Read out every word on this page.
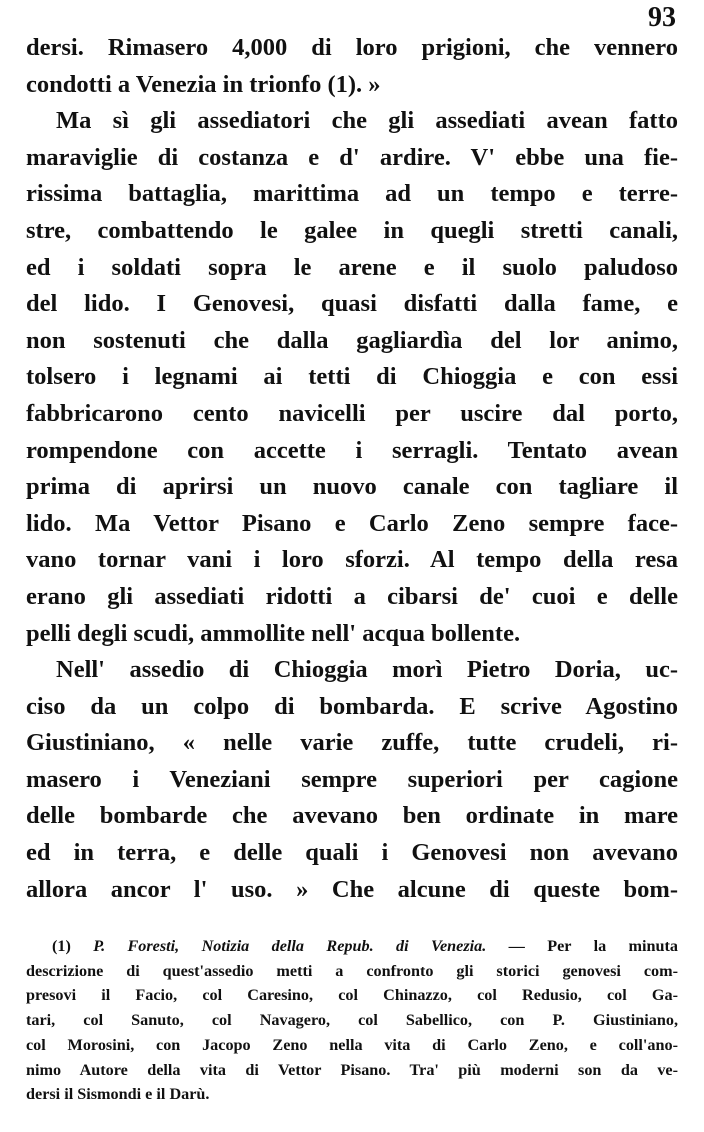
93
dersi. Rimasero 4,000 di loro prigioni, che vennero
condotti a Venezia in trionfo (1). »
Ma sì gli assediatori che gli assediati avean fatto
maraviglie di costanza e d' ardire. V' ebbe una fie-
rissima battaglia, marittima ad un tempo e terre-
stre, combattendo le galee in quegli stretti canali,
ed i soldati sopra le arene e il suolo paludoso
del lido. I Genovesi, quasi disfatti dalla fame, e
non sostenuti che dalla gagliardìa del lor animo,
tolsero i legnami ai tetti di Chioggia e con essi
fabbricarono cento navicelli per uscire dal porto,
rompendone con accette i serragli. Tentato avean
prima di aprirsi un nuovo canale con tagliare il
lido. Ma Vettor Pisano e Carlo Zeno sempre face-
vano tornar vani i loro sforzi. Al tempo della resa
erano gli assediati ridotti a cibarsi de' cuoi e delle
pelli degli scudi, ammollite nell' acqua bollente.
Nell' assedio di Chioggia morì Pietro Doria, uc-
ciso da un colpo di bombarda. E scrive Agostino
Giustiniano, « nelle varie zuffe, tutte crudeli, ri-
masero i Veneziani sempre superiori per cagione
delle bombarde che avevano ben ordinate in mare
ed in terra, e delle quali i Genovesi non avevano
allora ancor l' uso. » Che alcune di queste bom-
(1) P. Foresti, Notizia della Repub. di Venezia. — Per la minuta
descrizione di quest'assedio metti a confronto gli storici genovesi com-
presovi il Facio, col Caresino, col Chinazzo, col Redusio, col Ga-
tari, col Sanuto, col Navagero, col Sabellico, con P. Giustiniano,
col Morosini, con Jacopo Zeno nella vita di Carlo Zeno, e coll'ano-
nimo Autore della vita di Vettor Pisano. Tra' più moderni son da ve-
dersi il Sismondi e il Darù.
